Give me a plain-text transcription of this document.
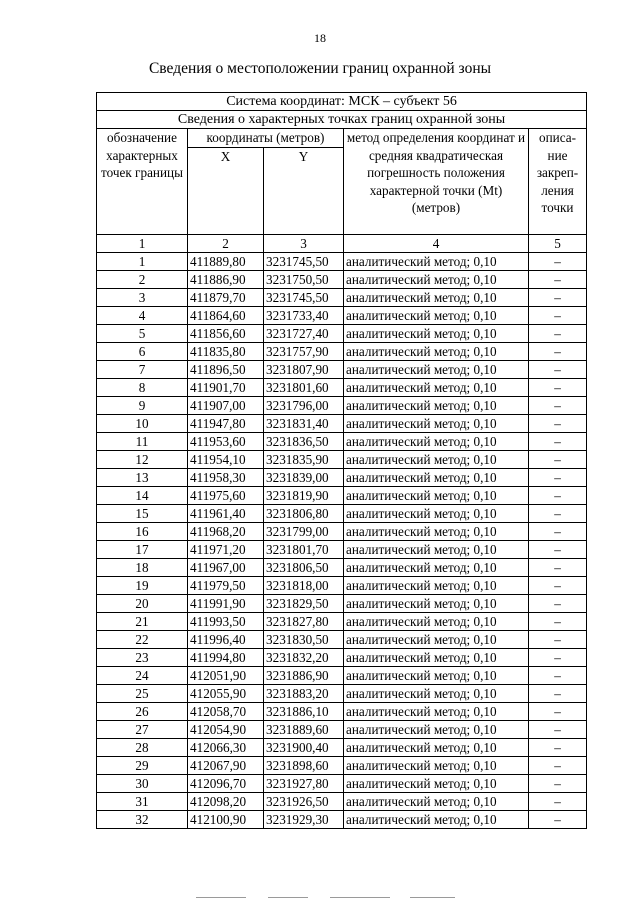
18
Сведения о местоположении границ охранной зоны
Система координат: МСК – субъект 56				
Сведения о характерных точках границ охранной зоны				
обозначение характерных точек границы	координаты (метров)		метод определения координат и средняя квадратическая погрешность положения характерной точки (Mt) (метров)	описа-ние закреп-ления точки
	X	Y		
1	2	3	4	5
1	411889,80	3231745,50	аналитический метод; 0,10	–
2	411886,90	3231750,50	аналитический метод; 0,10	–
3	411879,70	3231745,50	аналитический метод; 0,10	–
4	411864,60	3231733,40	аналитический метод; 0,10	–
5	411856,60	3231727,40	аналитический метод; 0,10	–
6	411835,80	3231757,90	аналитический метод; 0,10	–
7	411896,50	3231807,90	аналитический метод; 0,10	–
8	411901,70	3231801,60	аналитический метод; 0,10	–
9	411907,00	3231796,00	аналитический метод; 0,10	–
10	411947,80	3231831,40	аналитический метод; 0,10	–
11	411953,60	3231836,50	аналитический метод; 0,10	–
12	411954,10	3231835,90	аналитический метод; 0,10	–
13	411958,30	3231839,00	аналитический метод; 0,10	–
14	411975,60	3231819,90	аналитический метод; 0,10	–
15	411961,40	3231806,80	аналитический метод; 0,10	–
16	411968,20	3231799,00	аналитический метод; 0,10	–
17	411971,20	3231801,70	аналитический метод; 0,10	–
18	411967,00	3231806,50	аналитический метод; 0,10	–
19	411979,50	3231818,00	аналитический метод; 0,10	–
20	411991,90	3231829,50	аналитический метод; 0,10	–
21	411993,50	3231827,80	аналитический метод; 0,10	–
22	411996,40	3231830,50	аналитический метод; 0,10	–
23	411994,80	3231832,20	аналитический метод; 0,10	–
24	412051,90	3231886,90	аналитический метод; 0,10	–
25	412055,90	3231883,20	аналитический метод; 0,10	–
26	412058,70	3231886,10	аналитический метод; 0,10	–
27	412054,90	3231889,60	аналитический метод; 0,10	–
28	412066,30	3231900,40	аналитический метод; 0,10	–
29	412067,90	3231898,60	аналитический метод; 0,10	–
30	412096,70	3231927,80	аналитический метод; 0,10	–
31	412098,20	3231926,50	аналитический метод; 0,10	–
32	412100,90	3231929,30	аналитический метод; 0,10	–
